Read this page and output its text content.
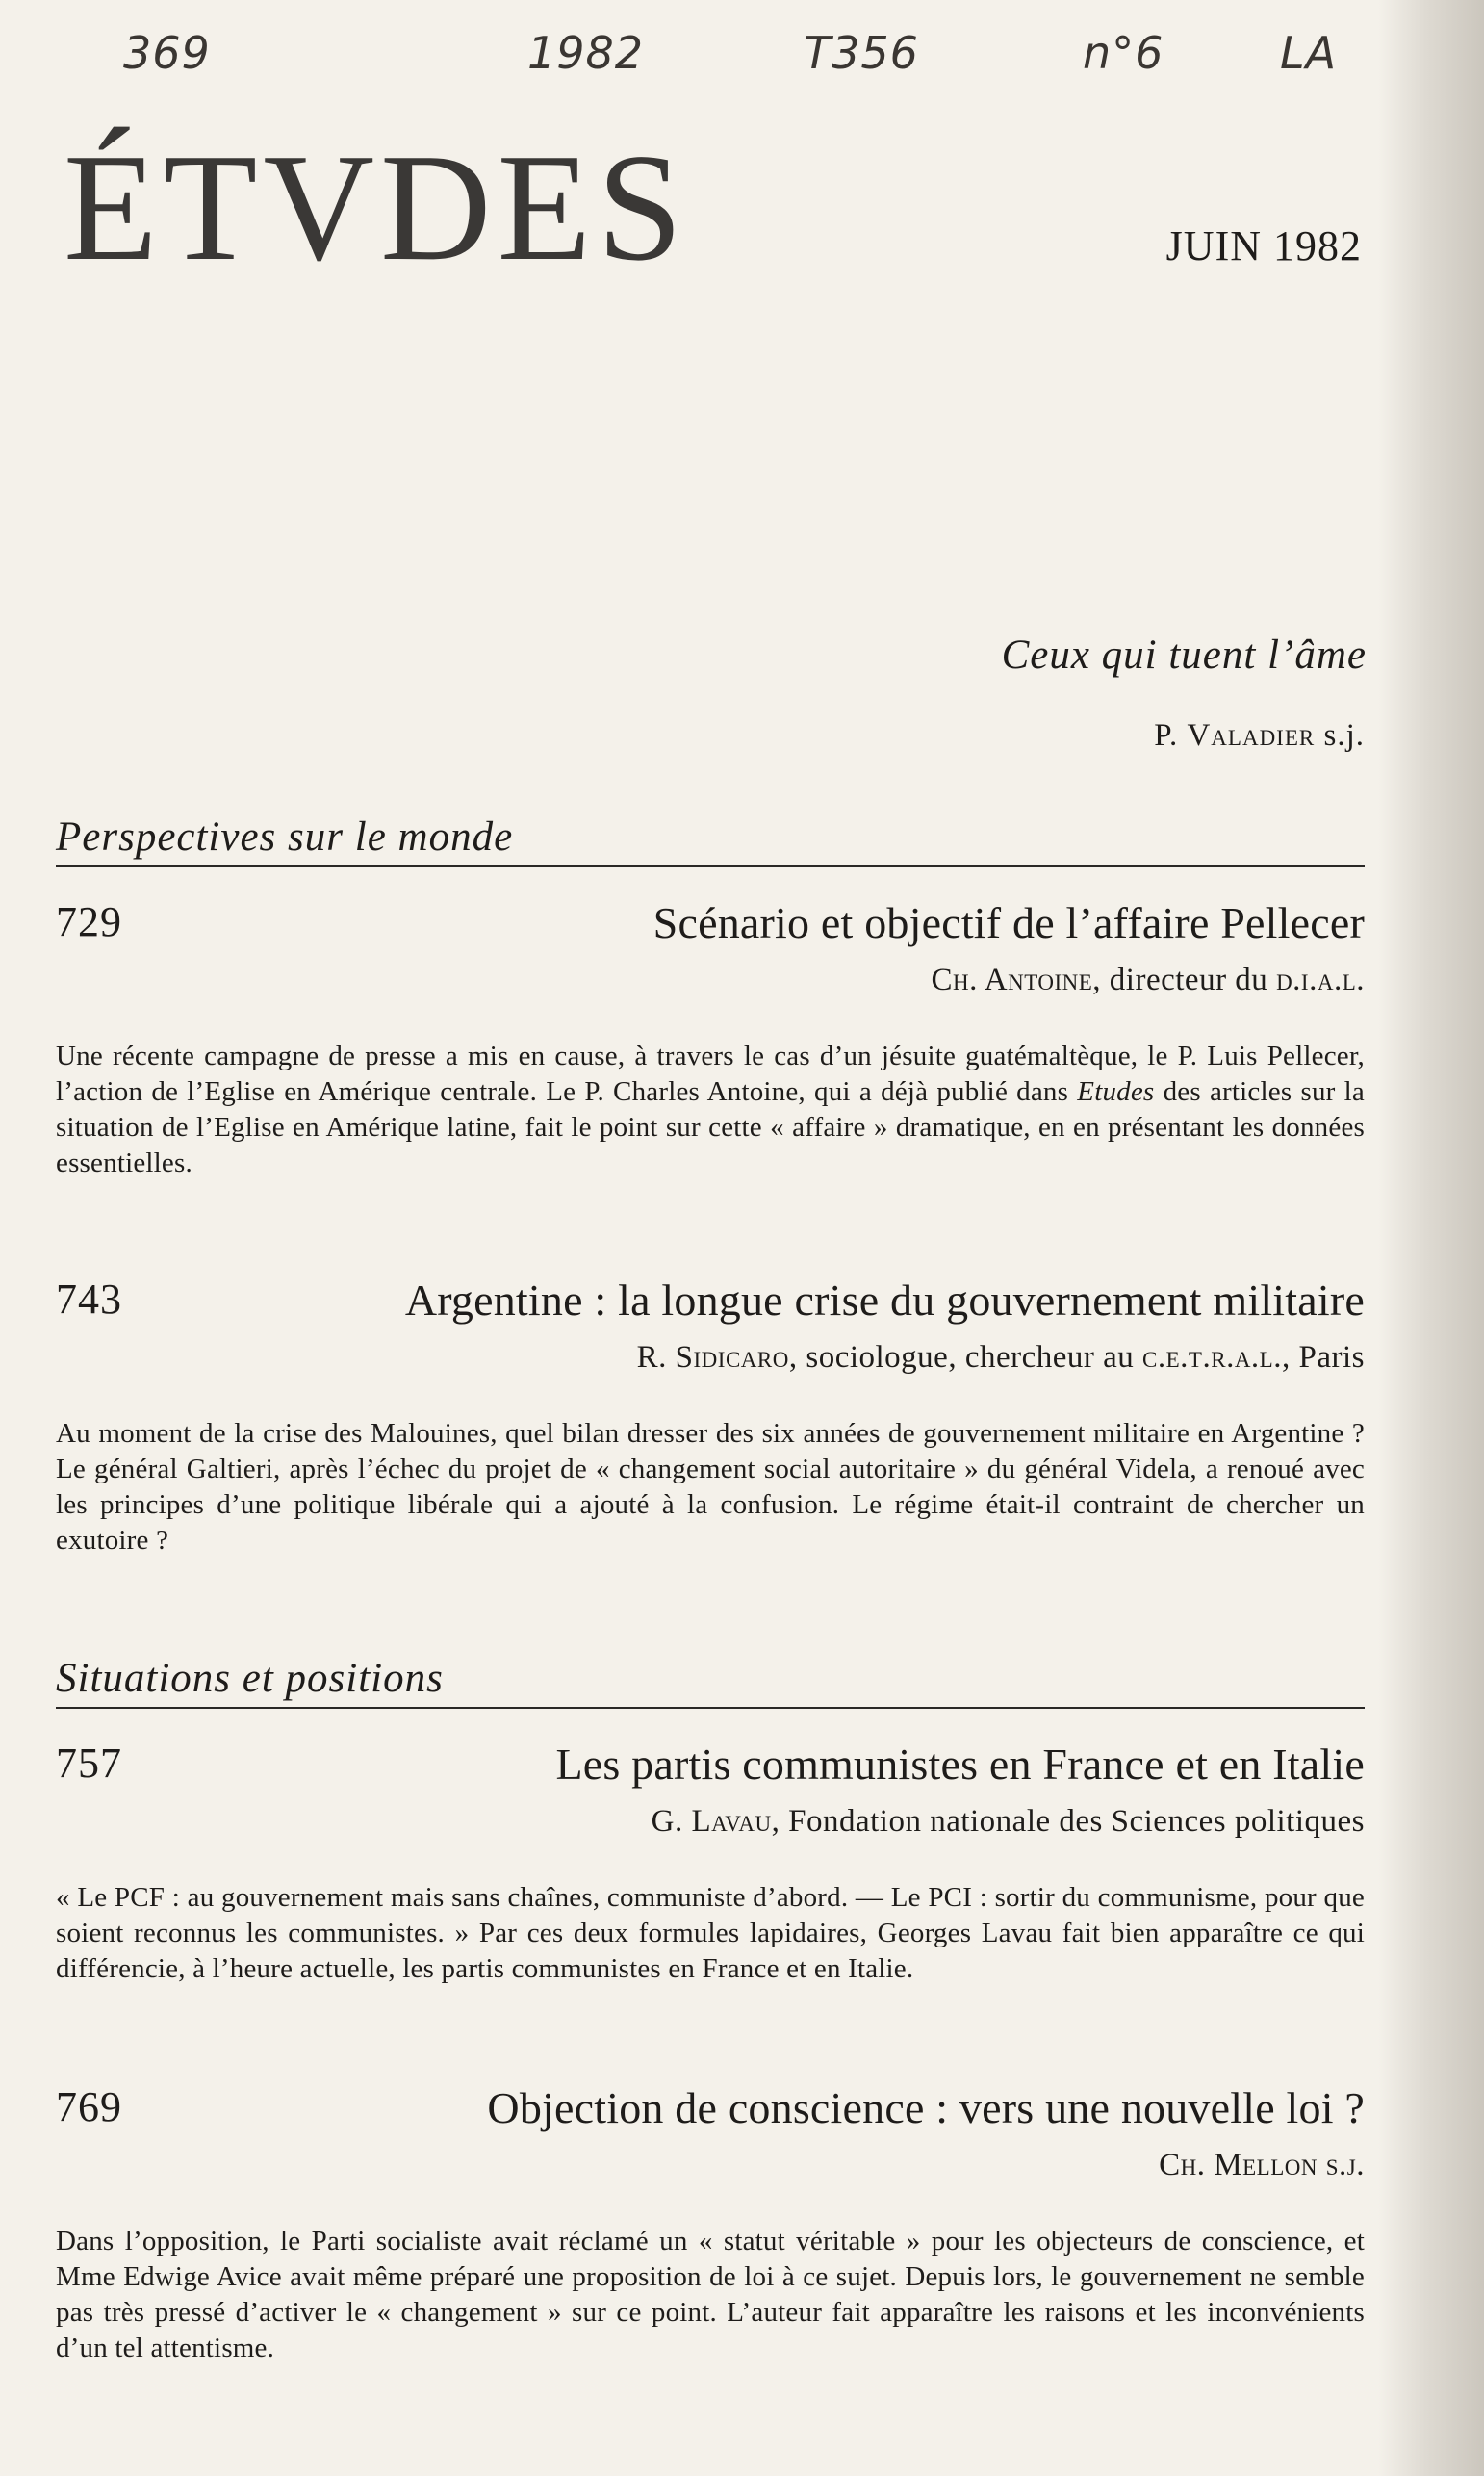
369	1982	T356	n°6	LA
ÉTVDES	JUIN 1982
Ceux qui tuent l’âme
P. Valadier s.j.
Perspectives sur le monde
729	Scénario et objectif de l’affaire Pellecer
Ch. Antoine, directeur du d.i.a.l.
Une récente campagne de presse a mis en cause, à travers le cas d’un jésuite guatémaltèque, le P. Luis Pellecer, l’action de l’Eglise en Amérique centrale. Le P. Charles Antoine, qui a déjà publié dans Etudes des articles sur la situation de l’Eglise en Amérique latine, fait le point sur cette « affaire » dramatique, en en présentant les données essentielles.
743	Argentine : la longue crise du gouvernement militaire
R. Sidicaro, sociologue, chercheur au c.e.t.r.a.l., Paris
Au moment de la crise des Malouines, quel bilan dresser des six années de gouvernement militaire en Argentine ? Le général Galtieri, après l’échec du projet de « changement social autoritaire » du général Videla, a renoué avec les principes d’une politique libérale qui a ajouté à la confusion. Le régime était-il contraint de chercher un exutoire ?
Situations et positions
757	Les partis communistes en France et en Italie
G. Lavau, Fondation nationale des Sciences politiques
« Le PCF : au gouvernement mais sans chaînes, communiste d’abord. — Le PCI : sortir du communisme, pour que soient reconnus les communistes. » Par ces deux formules lapidaires, Georges Lavau fait bien apparaître ce qui différencie, à l’heure actuelle, les partis communistes en France et en Italie.
769	Objection de conscience : vers une nouvelle loi ?
Ch. Mellon s.j.
Dans l’opposition, le Parti socialiste avait réclamé un « statut véritable » pour les objecteurs de conscience, et Mme Edwige Avice avait même préparé une proposition de loi à ce sujet. Depuis lors, le gouvernement ne semble pas très pressé d’activer le « changement » sur ce point. L’auteur fait apparaître les raisons et les inconvénients d’un tel attentisme.
